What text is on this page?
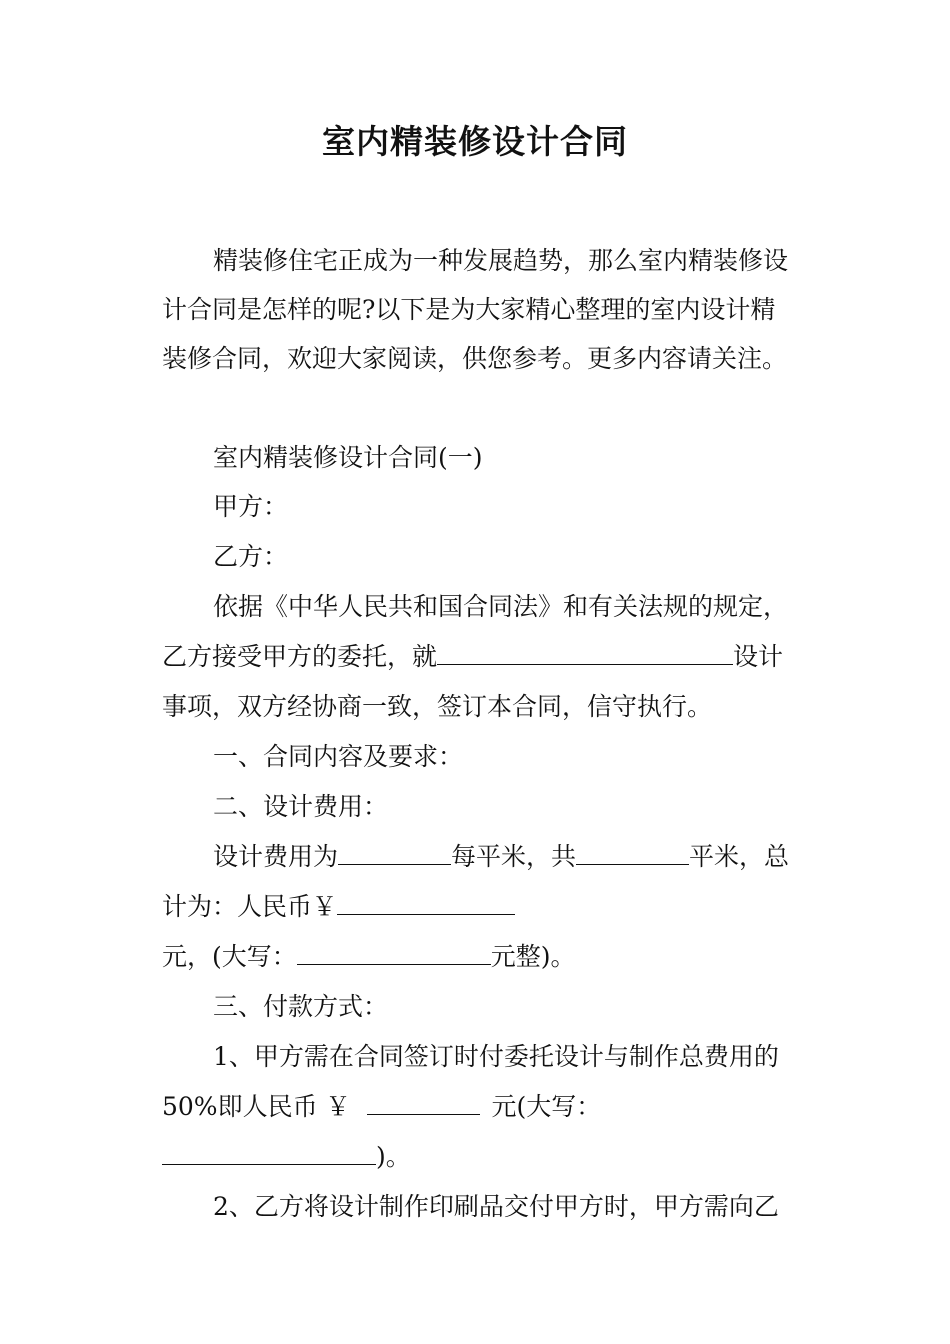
室内精装修设计合同
精装修住宅正成为一种发展趋势，那么室内精装修设
计合同是怎样的呢?以下是为大家精心整理的室内设计精
装修合同，欢迎大家阅读，供您参考。更多内容请关注。
室内精装修设计合同(一)
甲方：
乙方：
依据《中华人民共和国合同法》和有关法规的规定，
乙方接受甲方的委托，就	设计
事项，双方经协商一致，签订本合同，信守执行。
一、合同内容及要求：
二、设计费用：
设计费用为	每平米，共	平米，总
计为：人民币￥
元，(大写：	元整)。
三、付款方式：
1、甲方需在合同签订时付委托设计与制作总费用的
50%即人民币 ￥	元(大写：
)。
2、乙方将设计制作印刷品交付甲方时，甲方需向乙
